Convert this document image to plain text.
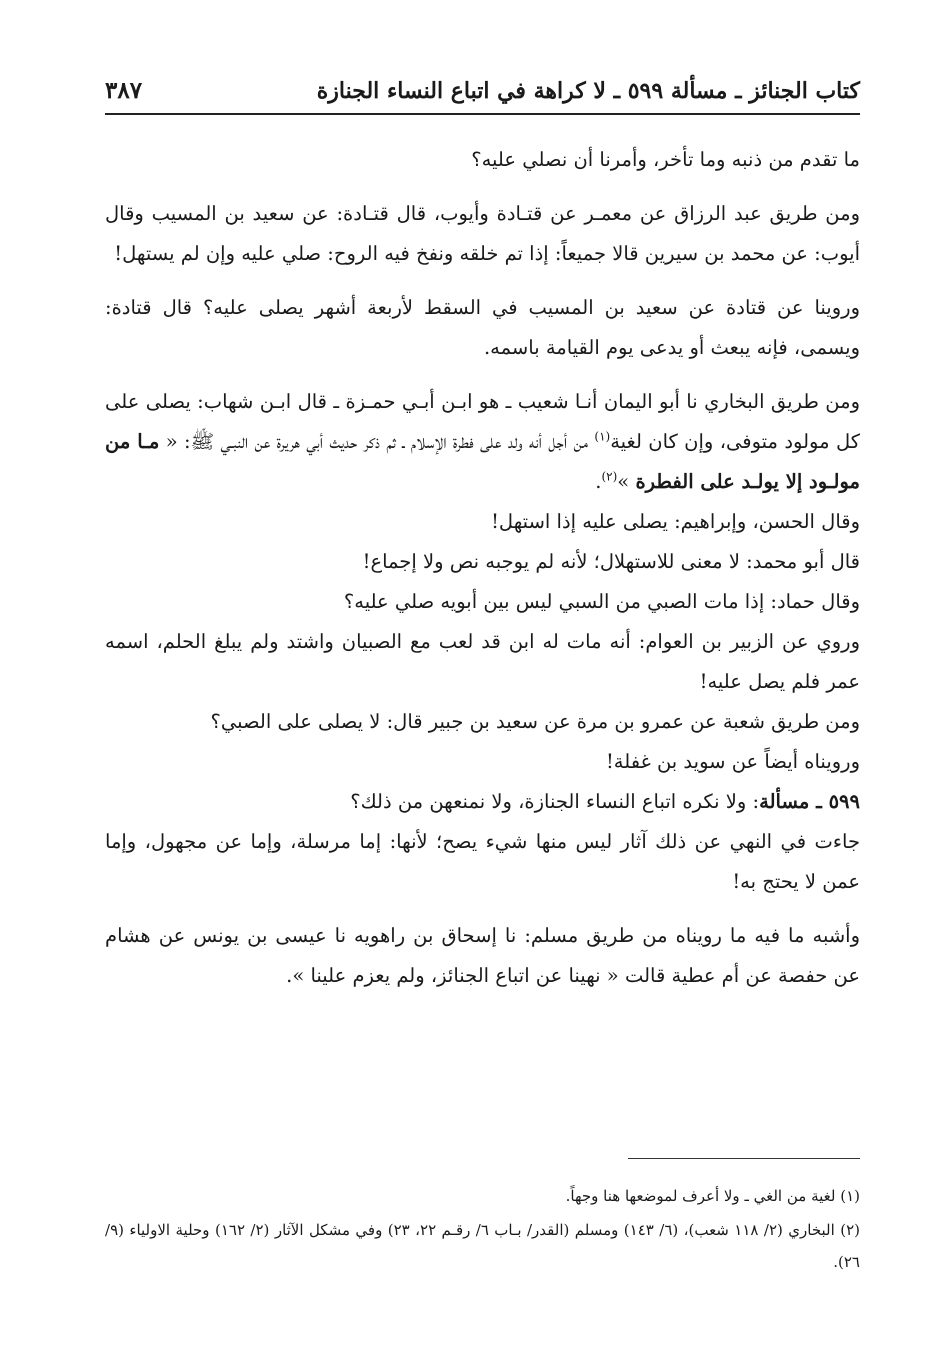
كتاب الجنائز ـ مسألة ٥٩٩ ـ لا كراهة في اتباع النساء الجنازة
٣٨٧

ما تقدم من ذنبه وما تأخر، وأمرنا أن نصلي عليه؟

ومن طريق عبد الرزاق عن معمـر عن قتـادة وأيوب، قال قتـادة: عن سعيد بن المسيب وقال أيوب: عن محمد بن سيرين قالا جميعاً: إذا تم خلقه ونفخ فيه الروح: صلي عليه وإن لم يستهل!

وروينا عن قتادة عن سعيد بن المسيب في السقط لأربعة أشهر يصلى عليه؟ قال قتادة: ويسمى، فإنه يبعث أو يدعى يوم القيامة باسمه.

ومن طريق البخاري نا أبو اليمان أنـا شعيب ـ هو ابـن أبـي حمـزة ـ قال ابـن شهاب: يصلى على كل مولود متوفى، وإن كان لغية$^{(١)}$ من أجل أنه ولد على فطرة الإسلام ـ ثم ذكر حديث أبي هريرة عن النبـي ﷺ: « مـا من مولـود إلا يولـد على الفطرة »$^{(٢)}$.

وقال الحسن، وإبراهيم: يصلى عليه إذا استهل!

قال أبو محمد: لا معنى للاستهلال؛ لأنه لم يوجبه نص ولا إجماع!

وقال حماد: إذا مات الصبي من السبي ليس بين أبويه صلي عليه؟

وروي عن الزبير بن العوام: أنه مات له ابن قد لعب مع الصبيان واشتد ولم يبلغ الحلم، اسمه عمر فلم يصل عليه!

ومن طريق شعبة عن عمرو بن مرة عن سعيد بن جبير قال: لا يصلى على الصبي؟

ورويناه أيضاً عن سويد بن غفلة!

٥٩٩ ـ مسألة: ولا نكره اتباع النساء الجنازة، ولا نمنعهن من ذلك؟

جاءت في النهي عن ذلك آثار ليس منها شيء يصح؛ لأنها: إما مرسلة، وإما عن مجهول، وإما عمن لا يحتج به!

وأشبه ما فيه ما رويناه من طريق مسلم: نا إسحاق بن راهويه نا عيسى بن يونس عن هشام عن حفصة عن أم عطية قالت « نهينا عن اتباع الجنائز، ولم يعزم علينا ».

(١) لغية من الغي ـ ولا أعرف لموضعها هنا وجهاً.

(٢) البخاري (٢/ ١١٨ شعب)، (٦/ ١٤٣) ومسلم (القدر/ بـاب ٦/ رقـم ٢٢، ٢٣) وفي مشكل الآثار (٢/ ١٦٢) وحلية الاولياء (٩/ ٢٦).
